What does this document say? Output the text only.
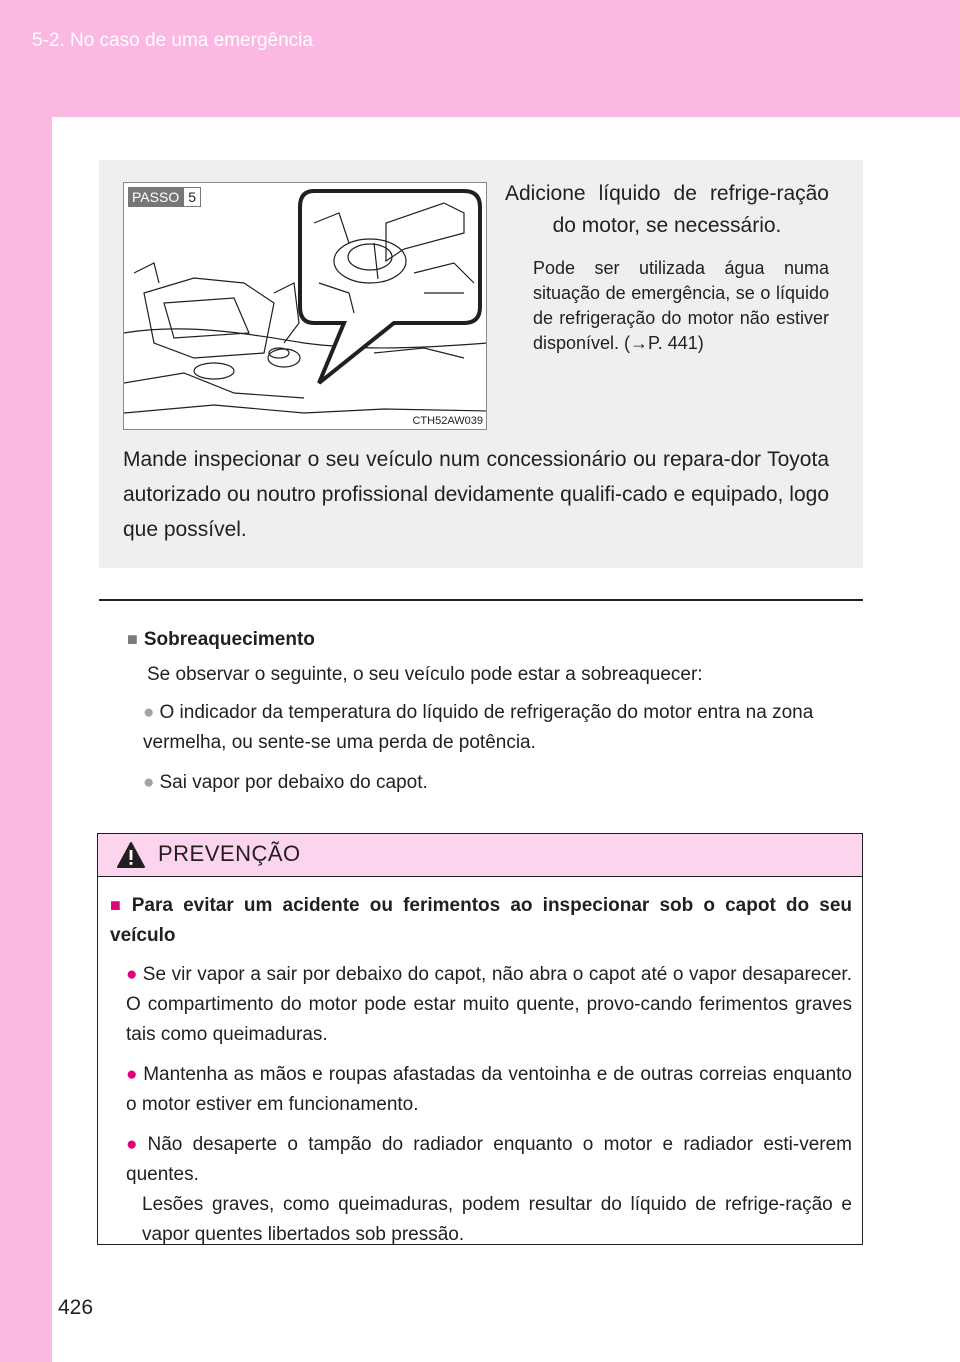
5-2. No caso de uma emergência
PASSO 5
CTH52AW039
Adicione líquido de refrige-ração do motor, se necessário.
Pode ser utilizada água numa situação de emergência, se o líquido de refrigeração do motor não estiver disponível. (→P. 441)
Mande inspecionar o seu veículo num concessionário ou repara-dor Toyota autorizado ou noutro profissional devidamente qualifi-cado e equipado, logo que possível.
■ Sobreaquecimento
Se observar o seguinte, o seu veículo pode estar a sobreaquecer:
● O indicador da temperatura do líquido de refrigeração do motor entra na zona vermelha, ou sente-se uma perda de potência.
● Sai vapor por debaixo do capot.
PREVENÇÃO
■ Para evitar um acidente ou ferimentos ao inspecionar sob o capot do seu veículo
● Se vir vapor a sair por debaixo do capot, não abra o capot até o vapor desaparecer. O compartimento do motor pode estar muito quente, provo-cando ferimentos graves tais como queimaduras.
● Mantenha as mãos e roupas afastadas da ventoinha e de outras correias enquanto o motor estiver em funcionamento.
● Não desaperte o tampão do radiador enquanto o motor e radiador esti-verem quentes.
Lesões graves, como queimaduras, podem resultar do líquido de refrige-ração e vapor quentes libertados sob pressão.
426
